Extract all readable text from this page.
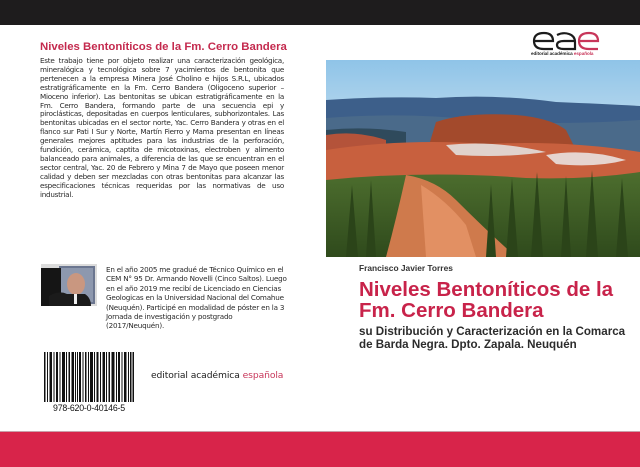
Niveles Bentoníticos de la Fm. Cerro Bandera
Este trabajo tiene por objeto realizar una caracterización geológica, mineralógica y tecnológica sobre 7 yacimientos de bentonita que pertenecen a la empresa Minera José Cholino e hijos S.R.L, ubicados estratigráficamente en la Fm. Cerro Bandera (Oligoceno superior – Mioceno inferior). Las bentonitas se ubican estratigráficamente en la Fm. Cerro Bandera, formando parte de una secuencia epi y piroclásticas, depositadas en cuerpos lenticulares, subhorizontales. Las bentonitas ubicadas en el sector norte, Yac. Cerro Bandera y otras en el flanco sur Pati I Sur y Norte, Martín Fierro y Mama presentan en líneas generales mejores aptitudes para las industrias de la perforación, fundición, cerámica, captita de micotoxinas, electroben y alimento balanceado para animales, a diferencia de las que se encuentran en el sector central, Yac. 20 de Febrero y Mina 7 de Mayo que poseen menor calidad y deben ser mezcladas con otras bentonitas para alcanzar las especificaciones técnicas requeridas por las normativas de uso industrial.
En el año 2005 me gradué de Técnico Químico en el CEM N° 95 Dr. Armando Novelli (Cinco Saltos). Luego en el año 2019 me recibí de Licenciado en Ciencias Geologicas en la Universidad Nacional del Comahue (Neuquén). Participé en modalidad de póster en la 3 Jornada de investigación y postgrado (2017/Neuquén).
978-620-0-40146-5
editorial académica española
editorial académica española
Francisco Javier Torres
Niveles Bentoníticos de la Fm. Cerro Bandera
su Distribución y Caracterización en la Comarca de Barda Negra. Dpto. Zapala. Neuquén
